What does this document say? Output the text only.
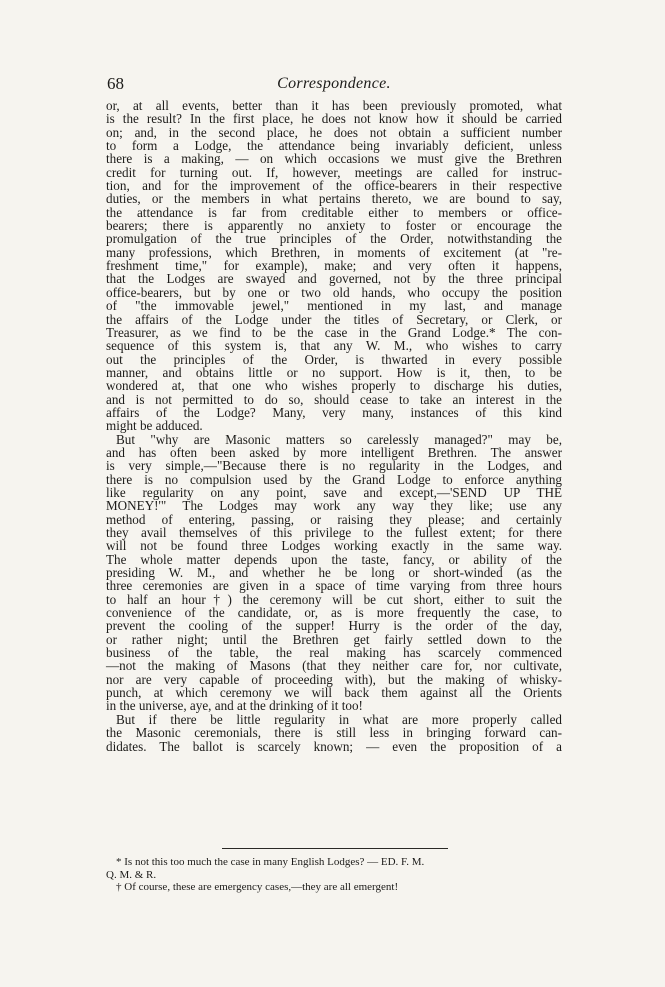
68	Correspondence.
or, at all events, better than it has been previously promoted, what
is the result? In the first place, he does not know how it should be carried
on; and, in the second place, he does not obtain a sufficient number
to form a Lodge, the attendance being invariably deficient, unless
there is a making, — on which occasions we must give the Brethren
credit for turning out. If, however, meetings are called for instruc-
tion, and for the improvement of the office-bearers in their respective
duties, or the members in what pertains thereto, we are bound to say,
the attendance is far from creditable either to members or office-
bearers; there is apparently no anxiety to foster or encourage the
promulgation of the true principles of the Order, notwithstanding the
many professions, which Brethren, in moments of excitement (at "re-
freshment time," for example), make; and very often it happens,
that the Lodges are swayed and governed, not by the three principal
office-bearers, but by one or two old hands, who occupy the position
of "the immovable jewel," mentioned in my last, and manage
the affairs of the Lodge under the titles of Secretary, or Clerk, or
Treasurer, as we find to be the case in the Grand Lodge.* The con-
sequence of this system is, that any W. M., who wishes to carry
out the principles of the Order, is thwarted in every possible
manner, and obtains little or no support. How is it, then, to be
wondered at, that one who wishes properly to discharge his duties,
and is not permitted to do so, should cease to take an interest in the
affairs of the Lodge? Many, very many, instances of this kind
might be adduced.
But "why are Masonic matters so carelessly managed?" may be,
and has often been asked by more intelligent Brethren. The answer
is very simple,—"Because there is no regularity in the Lodges, and
there is no compulsion used by the Grand Lodge to enforce anything
like regularity on any point, save and except,—'SEND UP THE
MONEY!'" The Lodges may work any way they like; use any
method of entering, passing, or raising they please; and certainly
they avail themselves of this privilege to the fullest extent; for there
will not be found three Lodges working exactly in the same way.
The whole matter depends upon the taste, fancy, or ability of the
presiding W. M., and whether he be long or short-winded (as the
three ceremonies are given in a space of time varying from three hours
to half an hour†) the ceremony will be cut short, either to suit the
convenience of the candidate, or, as is more frequently the case, to
prevent the cooling of the supper! Hurry is the order of the day,
or rather night; until the Brethren get fairly settled down to the
business of the table, the real making has scarcely commenced
—not the making of Masons (that they neither care for, nor cultivate,
nor are very capable of proceeding with), but the making of whisky-
punch, at which ceremony we will back them against all the Orients
in the universe, aye, and at the drinking of it too!
But if there be little regularity in what are more properly called
the Masonic ceremonials, there is still less in bringing forward can-
didates. The ballot is scarcely known; — even the proposition of a
* Is not this too much the case in many English Lodges? — ED. F. M.
Q. M. & R.
† Of course, these are emergency cases,—they are all emergent!
